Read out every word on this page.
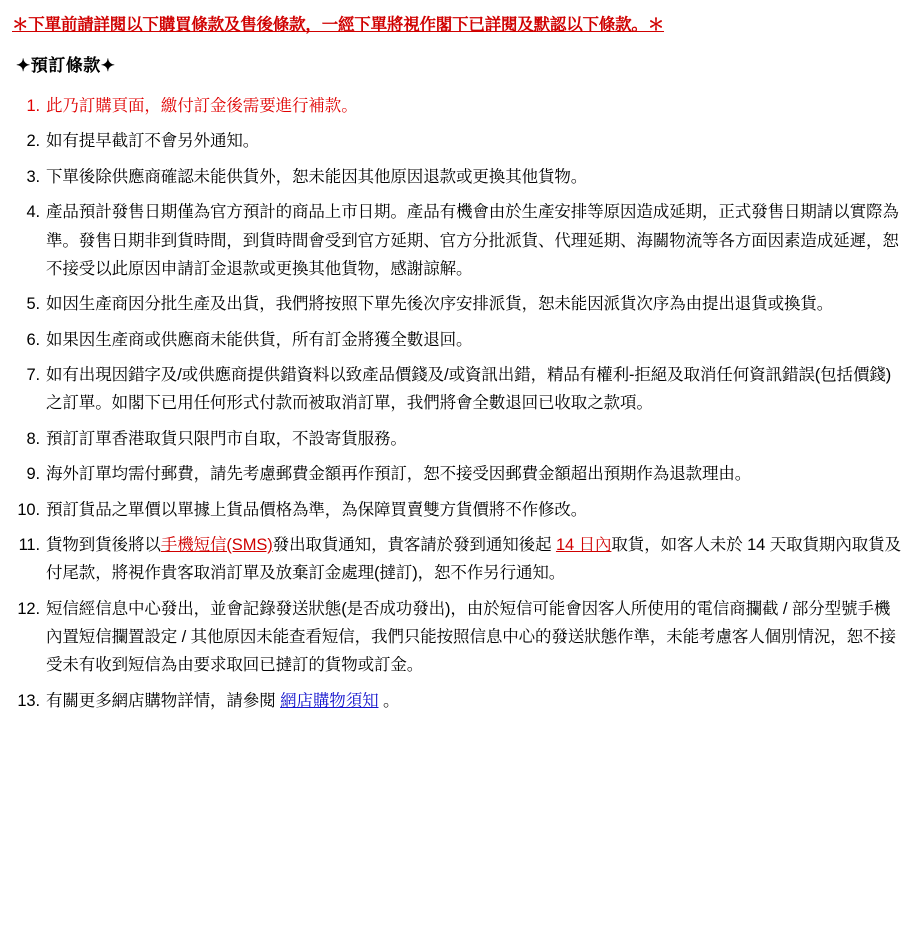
＊下單前請詳閱以下購買條款及售後條款，一經下單將視作閣下已詳閱及默認以下條款。＊
✦預訂條款✦
1. 此乃訂購頁面，繳付訂金後需要進行補款。
2. 如有提早截訂不會另外通知。
3. 下單後除供應商確認未能供貨外，恕未能因其他原因退款或更換其他貨物。
4. 產品預計發售日期僅為官方預計的商品上市日期。產品有機會由於生產安排等原因造成延期，正式發售日期請以實際為準。發售日期非到貨時間，到貨時間會受到官方延期、官方分批派貨、代理延期、海關物流等各方面因素造成延遲，恕不接受以此原因申請訂金退款或更換其他貨物，感謝諒解。
5. 如因生產商因分批生產及出貨，我們將按照下單先後次序安排派貨，恕未能因派貨次序為由提出退貨或換貨。
6. 如果因生產商或供應商未能供貨，所有訂金將獲全數退回。
7. 如有出現因錯字及/或供應商提供錯資料以致產品價錢及/或資訊出錯，精品有權利-拒絕及取消任何資訊錯誤(包括價錢) 之訂單。如閣下已用任何形式付款而被取消訂單，我們將會全數退回已收取之款項。
8. 預訂訂單香港取貨只限門市自取，不設寄貨服務。
9. 海外訂單均需付郵費，請先考慮郵費金額再作預訂，恕不接受因郵費金額超出預期作為退款理由。
10. 預訂貨品之單價以單據上貨品價格為準，為保障買賣雙方貨價將不作修改。
11. 貨物到貨後將以手機短信(SMS)發出取貨通知，貴客請於發到通知後起 14 日內取貨，如客人未於 14 天取貨期內取貨及付尾款，將視作貴客取消訂單及放棄訂金處理(撻訂)，恕不作另行通知。
12. 短信經信息中心發出，並會記錄發送狀態(是否成功發出)，由於短信可能會因客人所使用的電信商攔截 / 部分型號手機內置短信攔置設定 / 其他原因未能查看短信，我們只能按照信息中心的發送狀態作準，未能考慮客人個別情況，恕不接受未有收到短信為由要求取回已撻訂的貨物或訂金。
13. 有關更多網店購物詳情，請參閱 網店購物須知 。
